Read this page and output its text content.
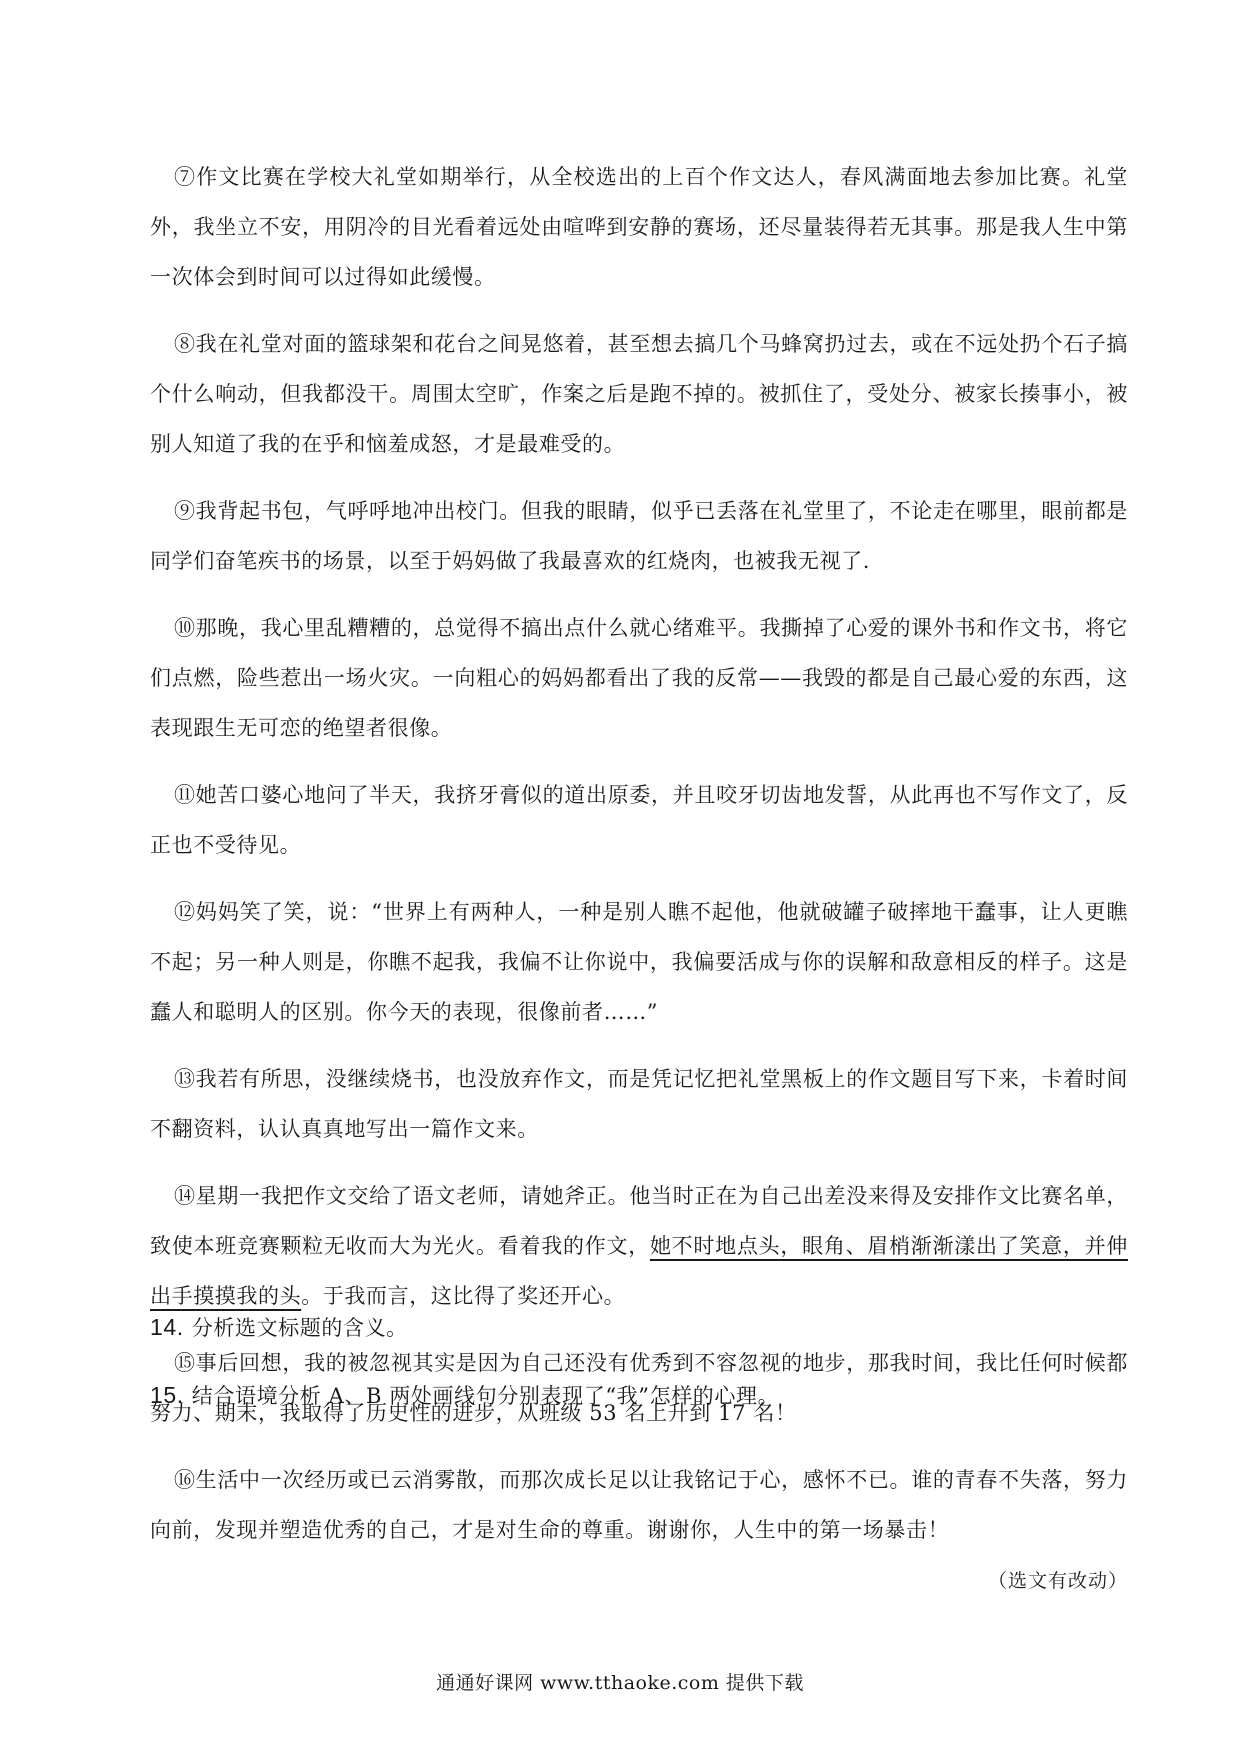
⑦作文比赛在学校大礼堂如期举行，从全校选出的上百个作文达人，春风满面地去参加比赛。礼堂外，我坐立不安，用阴冷的目光看着远处由喧哗到安静的赛场，还尽量装得若无其事。那是我人生中第一次体会到时间可以过得如此缓慢。

⑧我在礼堂对面的篮球架和花台之间晃悠着，甚至想去搞几个马蜂窝扔过去，或在不远处扔个石子搞个什么响动，但我都没干。周围太空旷，作案之后是跑不掉的。被抓住了，受处分、被家长揍事小，被别人知道了我的在乎和恼羞成怒，才是最难受的。

⑨我背起书包，气呼呼地冲出校门。但我的眼睛，似乎已丢落在礼堂里了，不论走在哪里，眼前都是同学们奋笔疾书的场景，以至于妈妈做了我最喜欢的红烧肉，也被我无视了.

⑩那晚，我心里乱糟糟的，总觉得不搞出点什么就心绪难平。我撕掉了心爱的课外书和作文书，将它们点燃，险些惹出一场火灾。一向粗心的妈妈都看出了我的反常——我毁的都是自己最心爱的东西，这表现跟生无可恋的绝望者很像。

⑪她苦口婆心地问了半天，我挤牙膏似的道出原委，并且咬牙切齿地发誓，从此再也不写作文了，反正也不受待见。

⑫妈妈笑了笑，说：“世界上有两种人，一种是别人瞧不起他，他就破罐子破摔地干蠢事，让人更瞧不起；另一种人则是，你瞧不起我，我偏不让你说中，我偏要活成与你的误解和敌意相反的样子。这是蠢人和聪明人的区别。你今天的表现，很像前者……”

⑬我若有所思，没继续烧书，也没放弃作文，而是凭记忆把礼堂黑板上的作文题目写下来，卡着时间不翻资料，认认真真地写出一篇作文来。

⑭星期一我把作文交给了语文老师，请她斧正。他当时正在为自己出差没来得及安排作文比赛名单，致使本班竞赛颗粒无收而大为光火。看着我的作文，她不时地点头，眼角、眉梢渐渐漾出了笑意，并伸出手摸摸我的头。于我而言，这比得了奖还开心。

⑮事后回想，我的被忽视其实是因为自己还没有优秀到不容忽视的地步，那我时间，我比任何时候都努力、期末，我取得了历史性的进步，从班级 53 名上升到 17 名！

⑯生活中一次经历或已云消雾散，而那次成长足以让我铭记于心，感怀不已。谁的青春不失落，努力向前，发现并塑造优秀的自己，才是对生命的尊重。谢谢你，人生中的第一场暴击！

（选文有改动）
14. 分析选文标题的含义。
15. 结合语境分析 A、B 两处画线句分别表现了“我”怎样的心理。
通通好课网 www.tthaoke.com 提供下载
